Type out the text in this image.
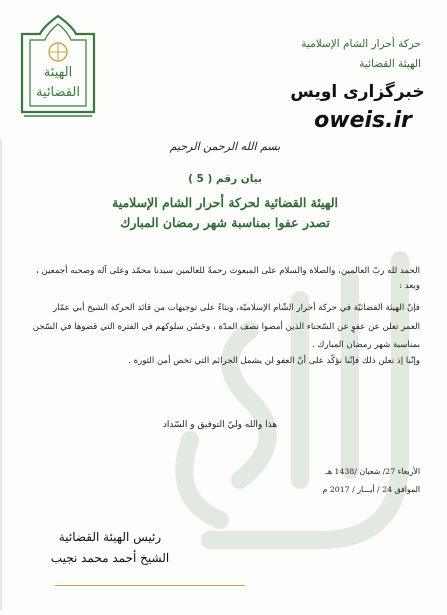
الهيئة
القضائية
حركة أحرار الشام الإسلامية
الهيئة القضائية
خبرگزاری اویس
oweis.ir
بسم الله الرحمن الرحيم
بيان رقم ( 5 )
الهيئة القضائية لحركة أحرار الشام الإسلامية
تصدر عفوا بمناسبة شهر رمضان المبارك
الحمد لله ربّ العالمين، والصلاة والسلام على المبعوث رحمةً للعالمين سيدنا محمّد وعلى آله وصحبه أجمعين ،
وبعد :
فإنّ الهيئة القضائيّة في حركة أحرار الشّام الإسلاميّة، وبناءً على توجيهات من قائد الحركة الشيخ أبي عمّار
العمر تعلن عن عفوٍ عن السّجناء الذين أمضوا نصف المدّة ، وحَسُن سلوكهم في الفترة التي قضوها في السّجن
بمناسبة شهر رمضان المبارك .
وإنّنا إذ نعلن ذلك فإنّنا نؤكّد على أنّ العفو لن يشمل الجرائم التي تخص أمن الثورة .
هذا والله وليّ التوفيق و السّداد
الأربعاء 27/ شعبان /1438 هـ
الموافق 24 / أيـــار / 2017 م
رئيس الهيئة القضائية
الشيخ أحمد محمد نجيب
